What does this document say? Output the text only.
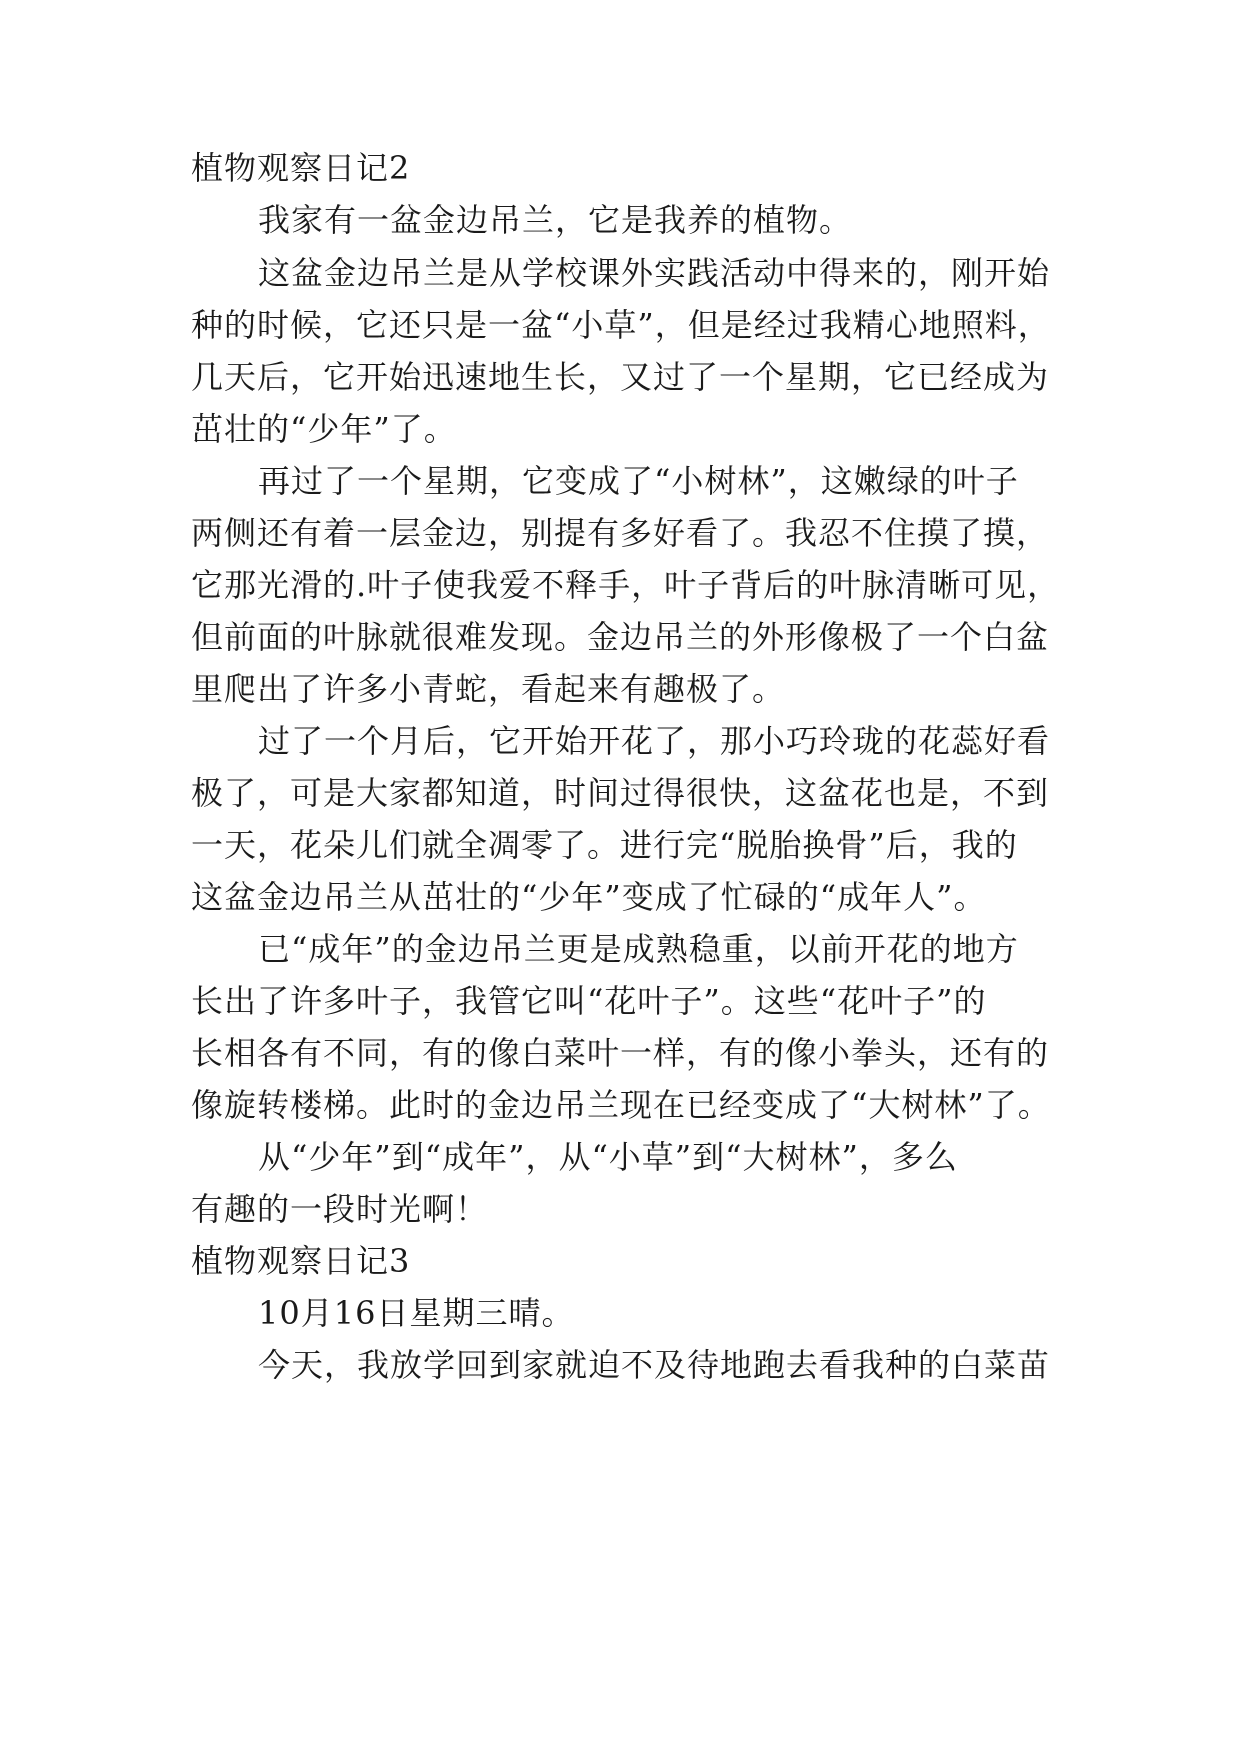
植物观察日记2
我家有一盆金边吊兰，它是我养的植物。
这盆金边吊兰是从学校课外实践活动中得来的，刚开始
种的时候，它还只是一盆“小草”，但是经过我精心地照料，
几天后，它开始迅速地生长，又过了一个星期，它已经成为
茁壮的“少年”了。
再过了一个星期，它变成了“小树林”，这嫩绿的叶子
两侧还有着一层金边，别提有多好看了。我忍不住摸了摸，
它那光滑的.叶子使我爱不释手，叶子背后的叶脉清晰可见，
但前面的叶脉就很难发现。金边吊兰的外形像极了一个白盆
里爬出了许多小青蛇，看起来有趣极了。
过了一个月后，它开始开花了，那小巧玲珑的花蕊好看
极了，可是大家都知道，时间过得很快，这盆花也是，不到
一天，花朵儿们就全凋零了。进行完“脱胎换骨”后，我的
这盆金边吊兰从茁壮的“少年”变成了忙碌的“成年人”。
已“成年”的金边吊兰更是成熟稳重，以前开花的地方
长出了许多叶子，我管它叫“花叶子”。这些“花叶子”的
长相各有不同，有的像白菜叶一样，有的像小拳头，还有的
像旋转楼梯。此时的金边吊兰现在已经变成了“大树林”了。
从“少年”到“成年”，从“小草”到“大树林”，多么
有趣的一段时光啊！
植物观察日记3
10月16日星期三晴。
今天，我放学回到家就迫不及待地跑去看我种的白菜苗
